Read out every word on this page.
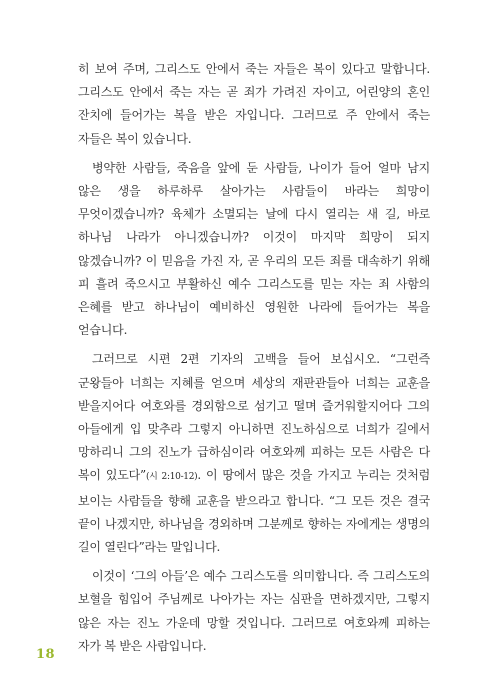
히 보여 주며, 그리스도 안에서 죽는 자들은 복이 있다고 말합니다. 그리스도 안에서 죽는 자는 곧 죄가 가려진 자이고, 어린양의 혼인 잔치에 들어가는 복을 받은 자입니다. 그러므로 주 안에서 죽는 자들은 복이 있습니다.

병약한 사람들, 죽음을 앞에 둔 사람들, 나이가 들어 얼마 남지 않은 생을 하루하루 살아가는 사람들이 바라는 희망이 무엇이겠습니까? 육체가 소멸되는 날에 다시 열리는 새 길, 바로 하나님 나라가 아니겠습니까? 이것이 마지막 희망이 되지 않겠습니까? 이 믿음을 가진 자, 곧 우리의 모든 죄를 대속하기 위해 피 흘려 죽으시고 부활하신 예수 그리스도를 믿는 자는 죄 사함의 은혜를 받고 하나님이 예비하신 영원한 나라에 들어가는 복을 얻습니다.

그러므로 시편 2편 기자의 고백을 들어 보십시오. “그런즉 군왕들아 너희는 지혜를 얻으며 세상의 재판관들아 너희는 교훈을 받을지어다 여호와를 경외함으로 섬기고 떨며 즐거워할지어다 그의 아들에게 입 맞추라 그렇지 아니하면 진노하심으로 너희가 길에서 망하리니 그의 진노가 급하심이라 여호와께 피하는 모든 사람은 다 복이 있도다”(시 2:10-12). 이 땅에서 많은 것을 가지고 누리는 것처럼 보이는 사람들을 향해 교훈을 받으라고 합니다. “그 모든 것은 결국 끝이 나겠지만, 하나님을 경외하며 그분께로 향하는 자에게는 생명의 길이 열린다”라는 말입니다.

이것이 ‘그의 아들’은 예수 그리스도를 의미합니다. 즉 그리스도의 보혈을 힘입어 주님께로 나아가는 자는 심판을 면하겠지만, 그렇지 않은 자는 진노 가운데 망할 것입니다. 그러므로 여호와께 피하는 자가 복 받은 사람입니다.

18
